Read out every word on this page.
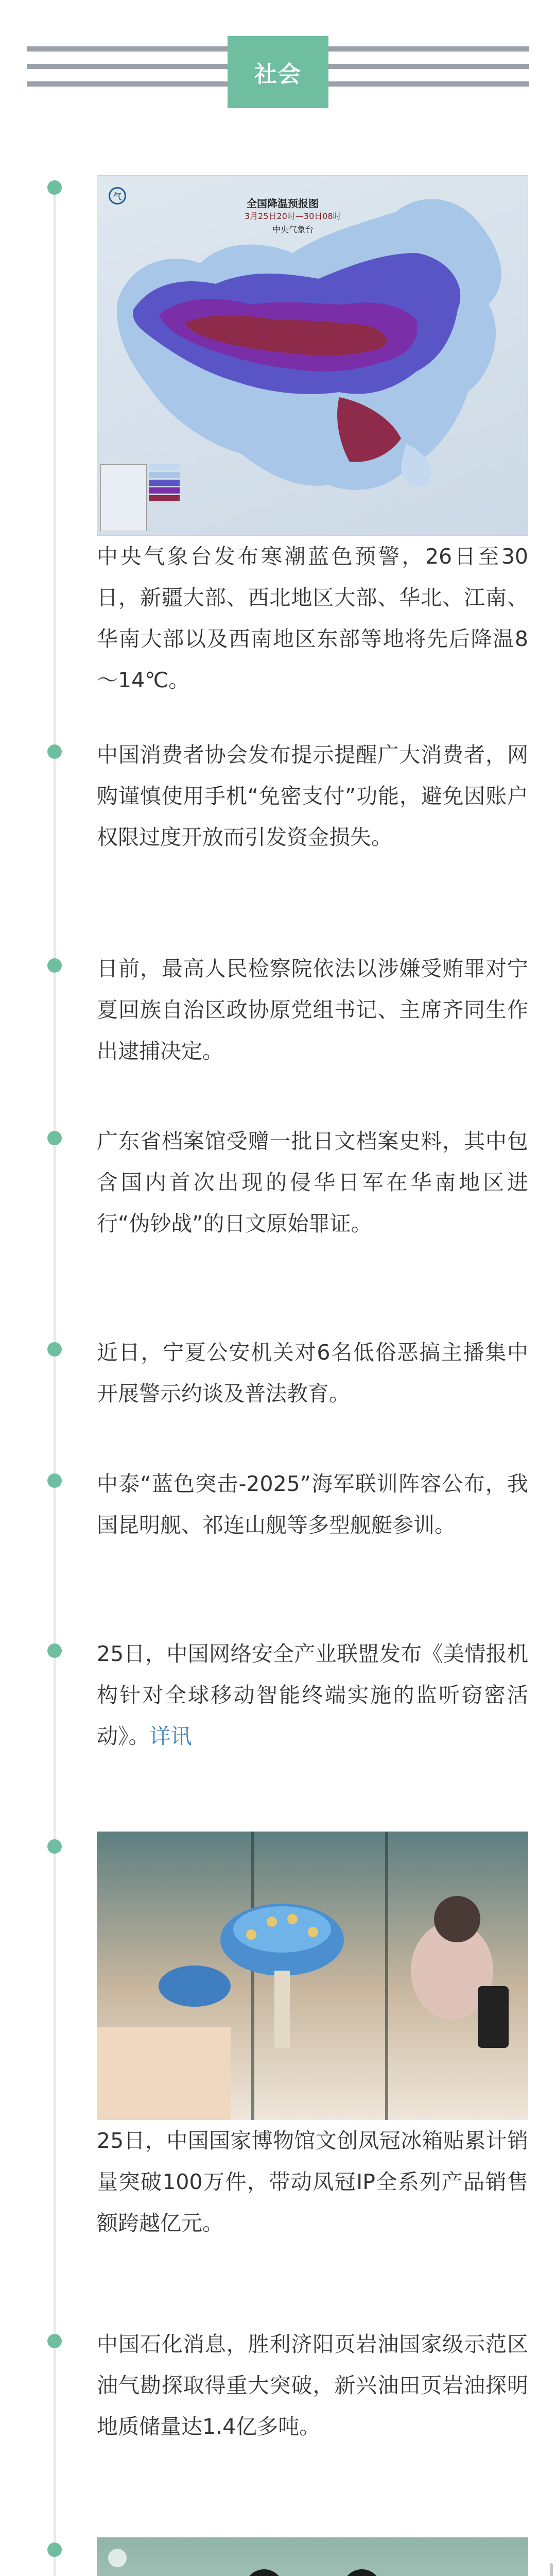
社会
气
全国降温预报图
3月25日20时—30日08时
中央气象台
中央气象台发布寒潮蓝色预警，26日至30日，新疆大部、西北地区大部、华北、江南、华南大部以及西南地区东部等地将先后降温8～14℃。
中国消费者协会发布提示提醒广大消费者，网购谨慎使用手机“免密支付”功能，避免因账户权限过度开放而引发资金损失。
日前，最高人民检察院依法以涉嫌受贿罪对宁夏回族自治区政协原党组书记、主席齐同生作出逮捕决定。
广东省档案馆受赠一批日文档案史料，其中包含国内首次出现的侵华日军在华南地区进行“伪钞战”的日文原始罪证。
近日，宁夏公安机关对6名低俗恶搞主播集中开展警示约谈及普法教育。
中泰“蓝色突击-2025”海军联训阵容公布，我国昆明舰、祁连山舰等多型舰艇参训。
25日，中国网络安全产业联盟发布《美情报机构针对全球移动智能终端实施的监听窃密活动》。详讯
25日，中国国家博物馆文创凤冠冰箱贴累计销量突破100万件，带动凤冠IP全系列产品销售额跨越亿元。
中国石化消息，胜利济阳页岩油国家级示范区油气勘探取得重大突破，新兴油田页岩油探明地质储量达1.4亿多吨。
